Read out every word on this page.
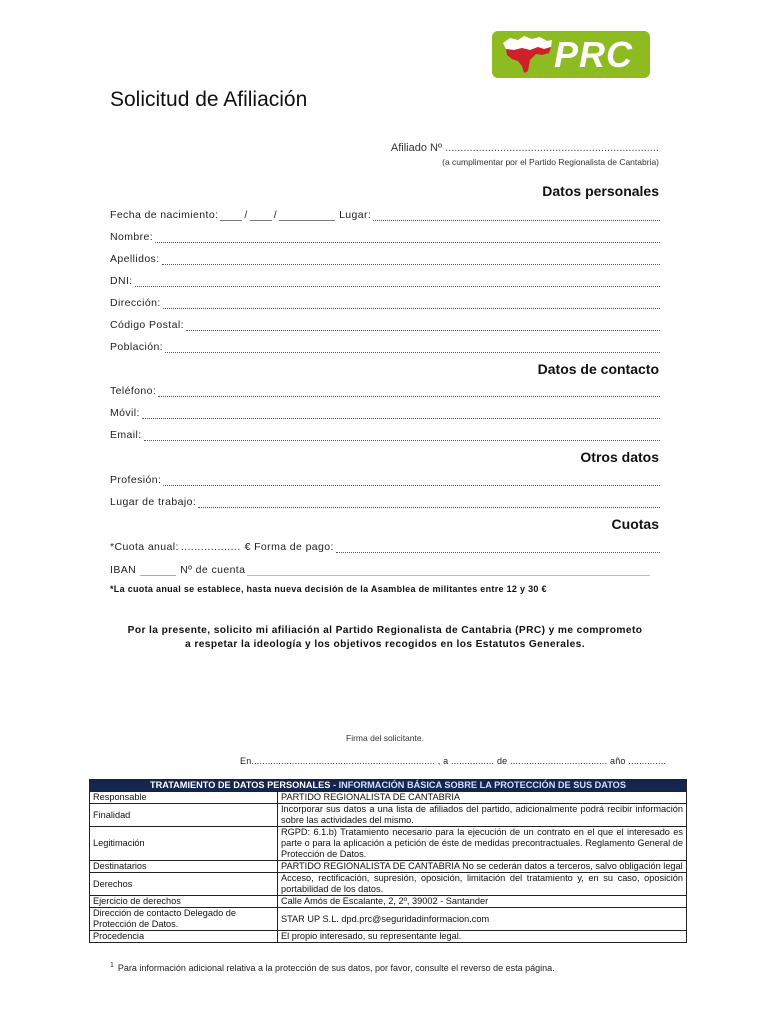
PRC
Solicitud de Afiliación
Afiliado Nº ......................................................................
(a cumplimentar por el Partido Regionalista de Cantabria)
Datos personales
Fecha de nacimiento: / /	Lugar:
Nombre:
Apellidos:
DNI:
Dirección:
Código Postal:
Población:
Datos de contacto
Teléfono:
Móvil:
Email:
Otros datos
Profesión:
Lugar de trabajo:
Cuotas
*Cuota anual: .................. € Forma de pago:
IBAN	Nº de cuenta
*La cuota anual se establece, hasta nueva decisión de la Asamblea de militantes entre 12 y 30 €
Por la presente, solicito mi afiliación al Partido Regionalista de Cantabria (PRC) y me comprometo
a respetar la ideología y los objetivos recogidos en los Estatutos Generales.
Firma del solicitante.
En.................................................................... , a ................ de .................................... año ..............
TRATAMIENTO DE DATOS PERSONALES - INFORMACIÓN BÁSICA SOBRE LA PROTECCIÓN DE SUS DATOS	
Responsable	PARTIDO REGIONALISTA DE CANTABRIA
Finalidad	Incorporar sus datos a una lista de afiliados del partido, adicionalmente podrá recibir información sobre las actividades del mismo.
Legitimación	RGPD: 6.1.b) Tratamiento necesario para la ejecución de un contrato en el que el interesado es parte o para la aplicación a petición de éste de medidas precontractuales. Reglamento General de Protección de Datos.
Destinatarios	PARTIDO REGIONALISTA DE CANTABRIA No se cederán datos a terceros, salvo obligación legal
Derechos	Acceso, rectificación, supresión, oposición, limitación del tratamiento y, en su caso, oposición portabilidad de los datos.
Ejercicio de derechos	Calle Amós de Escalante, 2, 2º, 39002 - Santander
Dirección de contacto Delegado de Protección de Datos.	STAR UP S.L. dpd.prc@seguridadinformacion.com
Procedencia	El propio interesado, su representante legal.
$^1$ Para información adicional relativa a la protección de sus datos, por favor, consulte el reverso de esta página.
